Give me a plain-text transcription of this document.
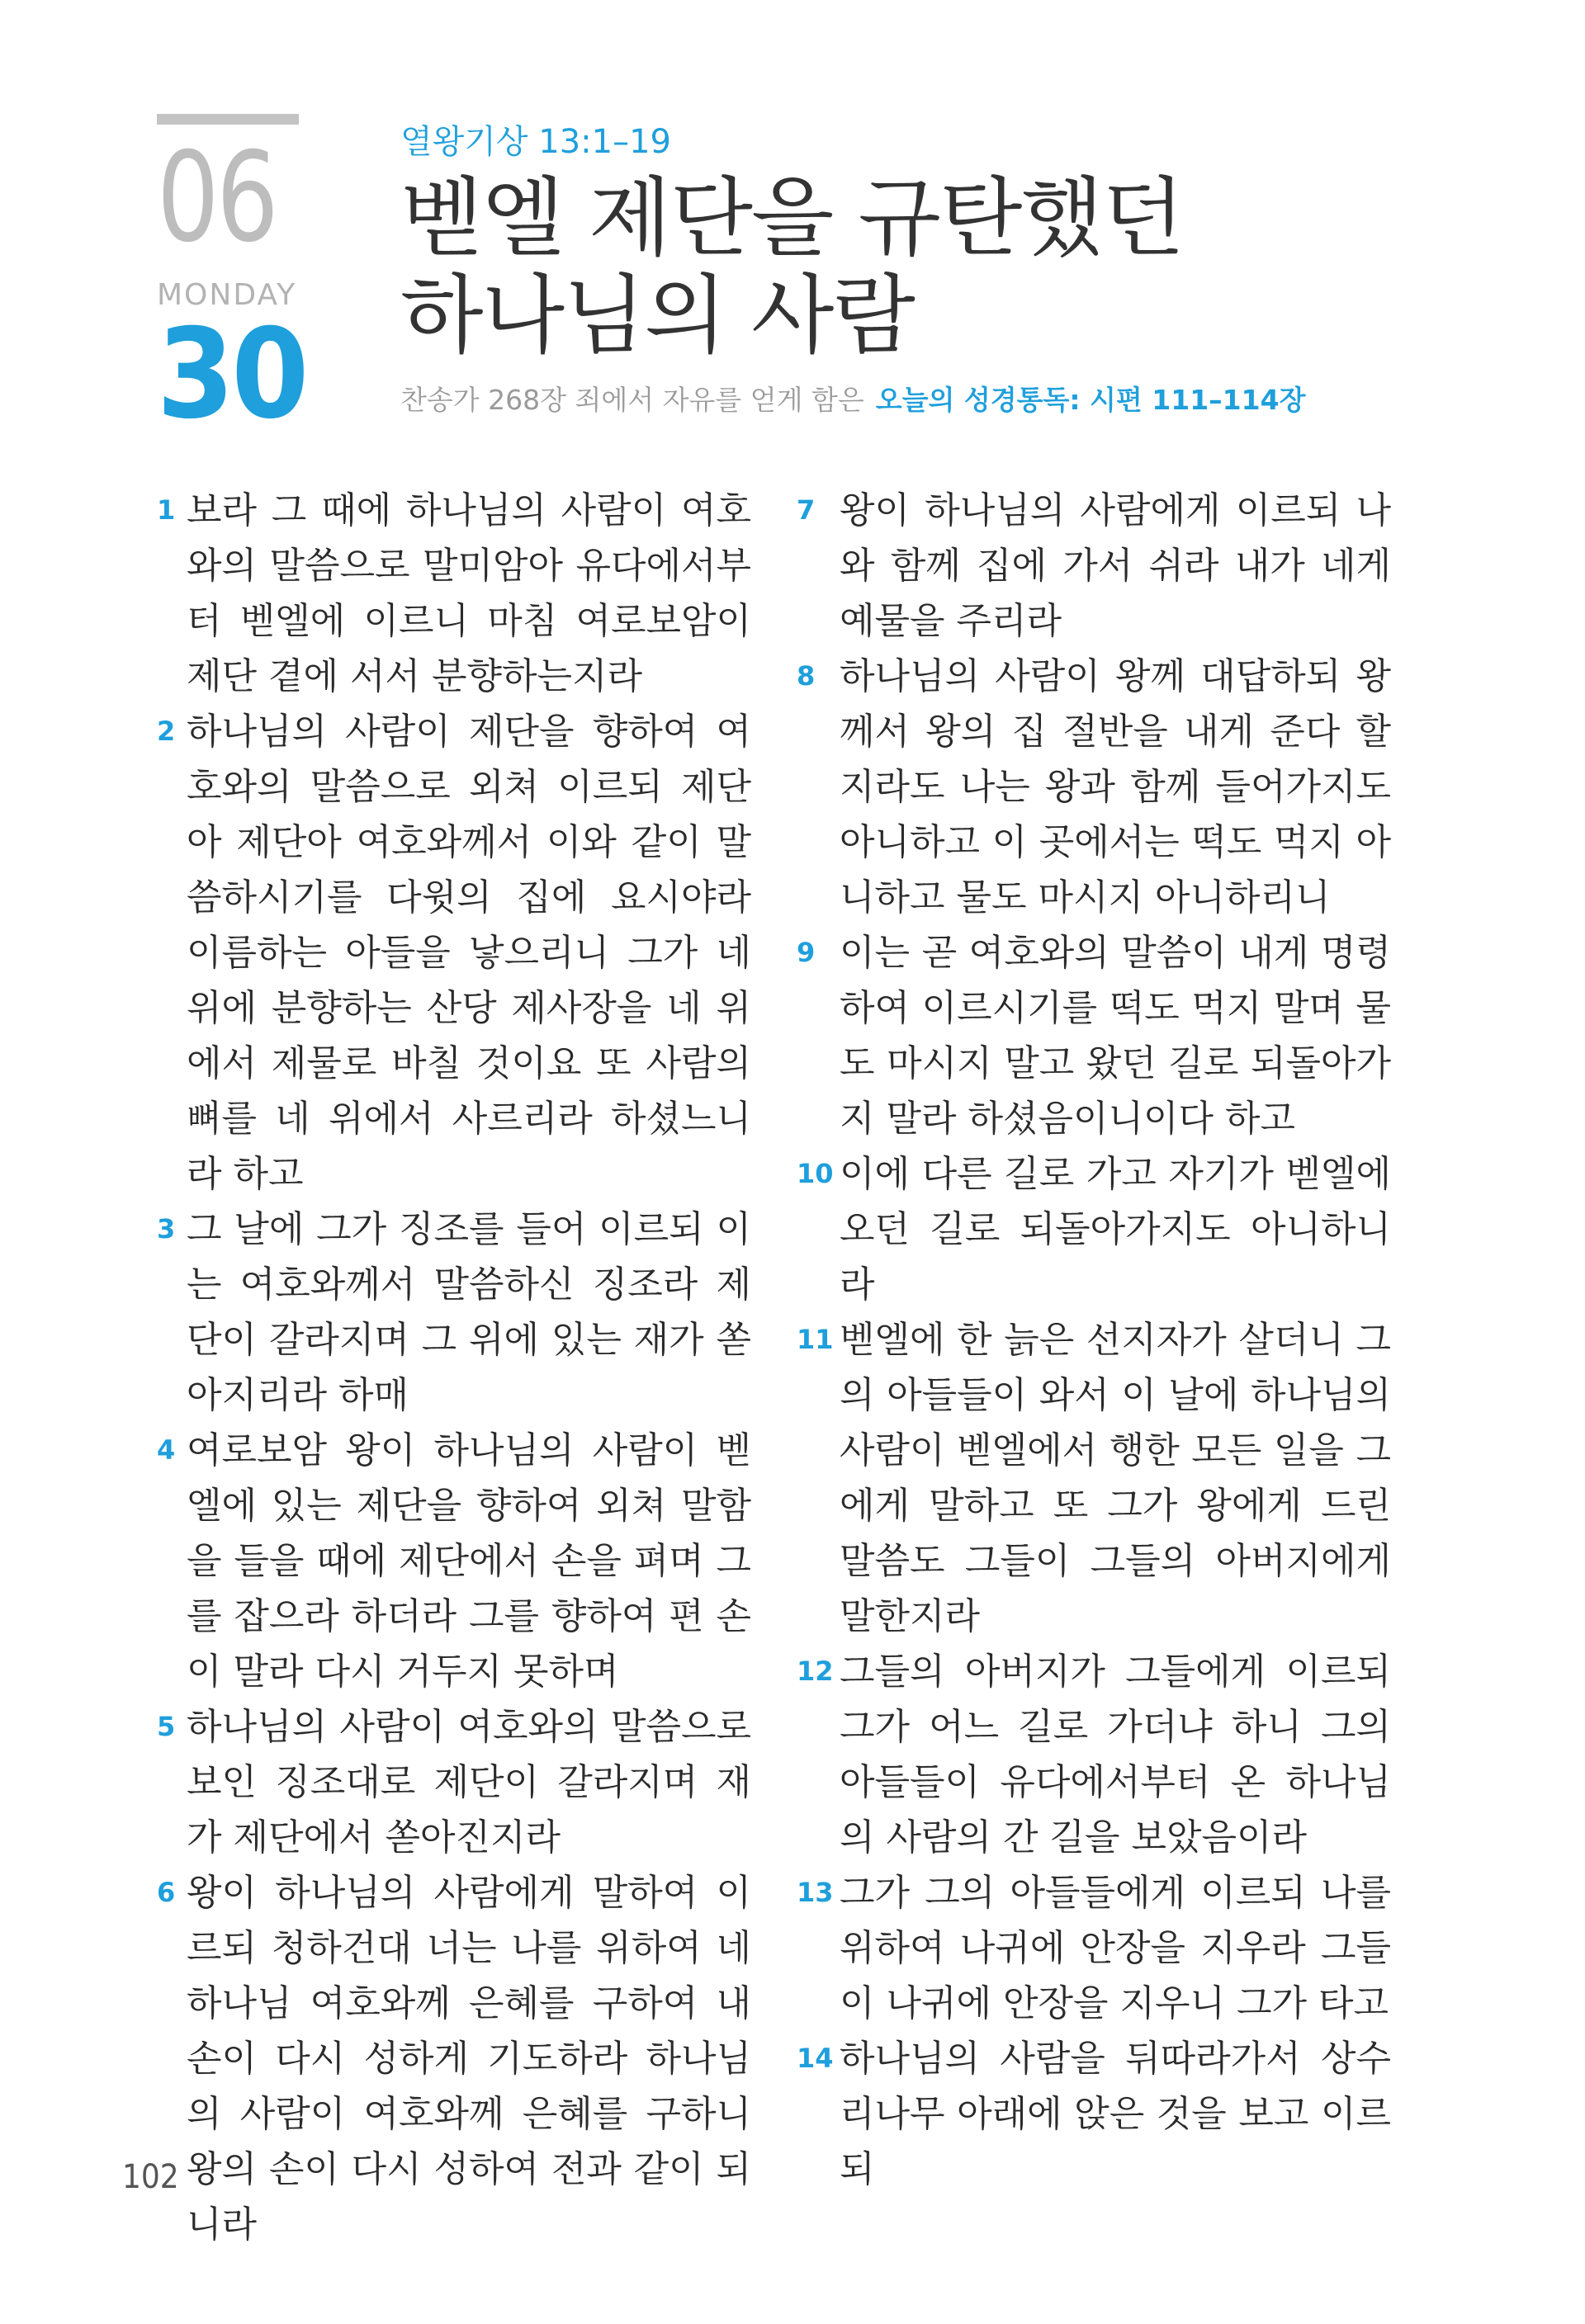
06
MONDAY
30
열왕기상 13:1–19
벧엘 제단을 규탄했던
하나님의 사람
찬송가 268장 죄에서 자유를 얻게 함은 오늘의 성경통독: 시편 111–114장
1 보라 그 때에 하나님의 사람이 여호와의 말씀으로 말미암아 유다에서부터 벧엘에 이르니 마침 여로보암이 제단 곁에 서서 분향하는지라
2 하나님의 사람이 제단을 향하여 여호와의 말씀으로 외쳐 이르되 제단아 제단아 여호와께서 이와 같이 말씀하시기를 다윗의 집에 요시야라 이름하는 아들을 낳으리니 그가 네 위에 분향하는 산당 제사장을 네 위에서 제물로 바칠 것이요 또 사람의 뼈를 네 위에서 사르리라 하셨느니라 하고
3 그 날에 그가 징조를 들어 이르되 이는 여호와께서 말씀하신 징조라 제단이 갈라지며 그 위에 있는 재가 쏟아지리라 하매
4 여로보암 왕이 하나님의 사람이 벧엘에 있는 제단을 향하여 외쳐 말함을 들을 때에 제단에서 손을 펴며 그를 잡으라 하더라 그를 향하여 편 손이 말라 다시 거두지 못하며
5 하나님의 사람이 여호와의 말씀으로 보인 징조대로 제단이 갈라지며 재가 제단에서 쏟아진지라
6 왕이 하나님의 사람에게 말하여 이르되 청하건대 너는 나를 위하여 네 하나님 여호와께 은혜를 구하여 내 손이 다시 성하게 기도하라 하나님의 사람이 여호와께 은혜를 구하니 왕의 손이 다시 성하여 전과 같이 되니라
7 왕이 하나님의 사람에게 이르되 나와 함께 집에 가서 쉬라 내가 네게 예물을 주리라
8 하나님의 사람이 왕께 대답하되 왕께서 왕의 집 절반을 내게 준다 할지라도 나는 왕과 함께 들어가지도 아니하고 이 곳에서는 떡도 먹지 아니하고 물도 마시지 아니하리니
9 이는 곧 여호와의 말씀이 내게 명령하여 이르시기를 떡도 먹지 말며 물도 마시지 말고 왔던 길로 되돌아가지 말라 하셨음이니이다 하고
10 이에 다른 길로 가고 자기가 벧엘에 오던 길로 되돌아가지도 아니하니라
11 벧엘에 한 늙은 선지자가 살더니 그의 아들들이 와서 이 날에 하나님의 사람이 벧엘에서 행한 모든 일을 그에게 말하고 또 그가 왕에게 드린 말씀도 그들이 그들의 아버지에게 말한지라
12 그들의 아버지가 그들에게 이르되 그가 어느 길로 가더냐 하니 그의 아들들이 유다에서부터 온 하나님의 사람의 간 길을 보았음이라
13 그가 그의 아들들에게 이르되 나를 위하여 나귀에 안장을 지우라 그들이 나귀에 안장을 지우니 그가 타고
14 하나님의 사람을 뒤따라가서 상수리나무 아래에 앉은 것을 보고 이르되
102
